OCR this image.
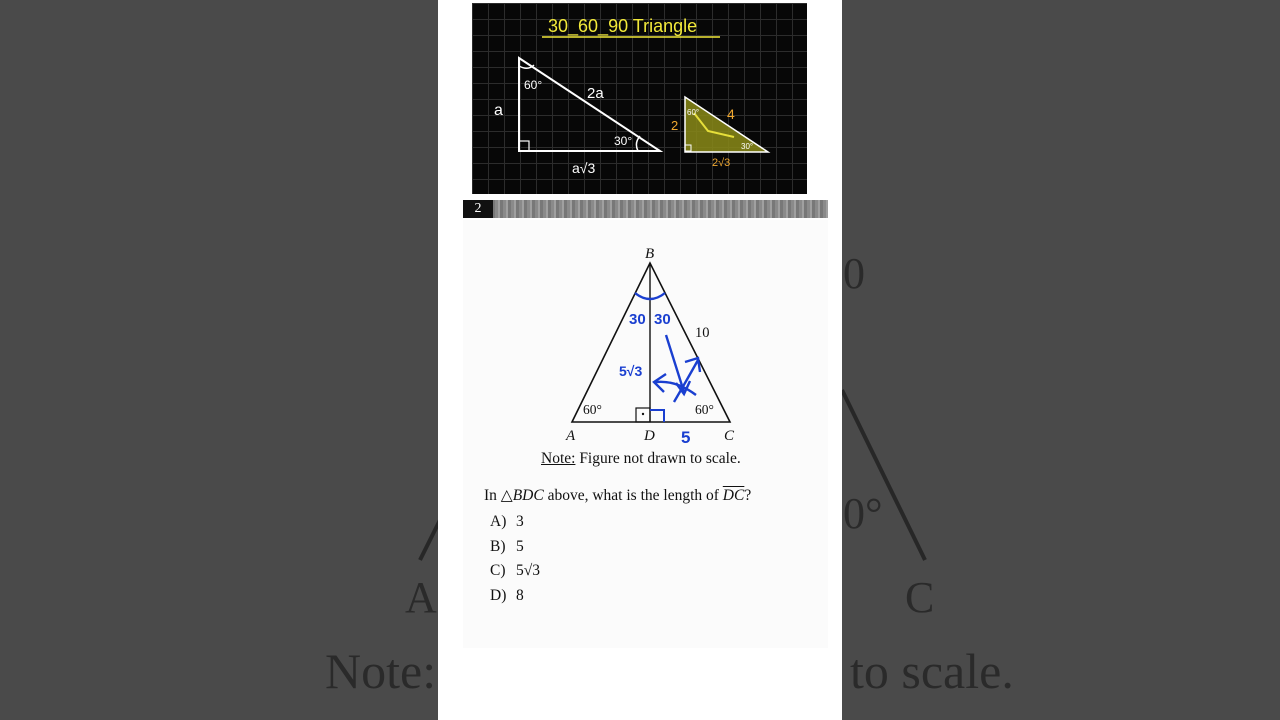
A
Note:	to scale.
C
0°
0
30_60_90 Triangle
a
2a
a√3
60°
30°
2
4
2√3
60°
30°
2
B
A	D	C
10
60°	60°
30 30
5√3
5
Note: Figure not drawn to scale.
In △BDC above, what is the length of $\overline{DC}$?
A) 3
B) 5
C) 5√3
D) 8
